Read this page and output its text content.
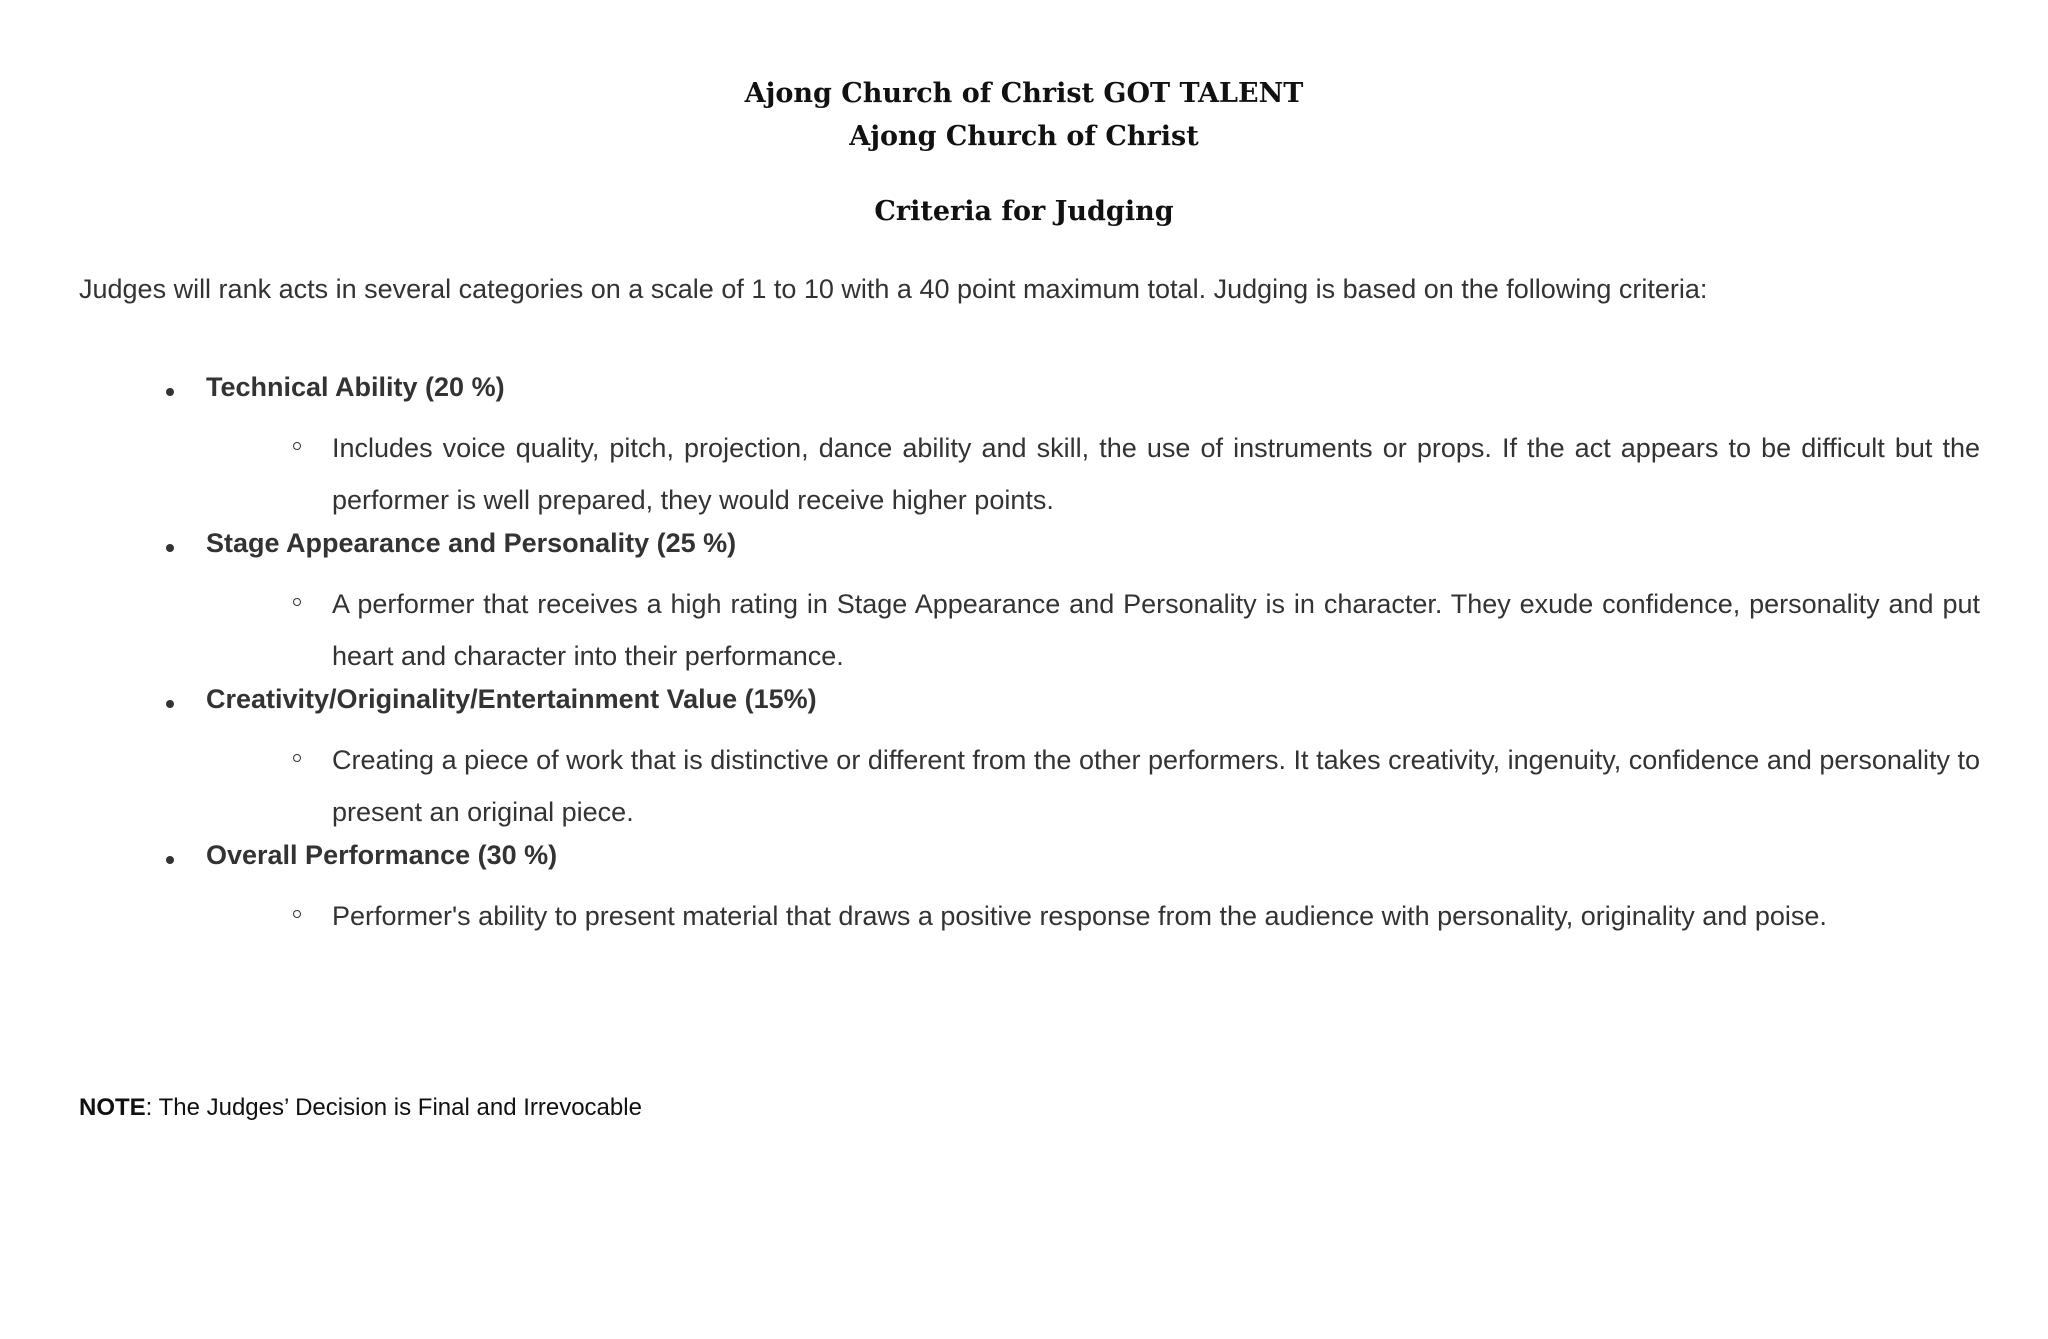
Ajong Church of Christ GOT TALENT
Ajong Church of Christ
Criteria for Judging
Judges will rank acts in several categories on a scale of 1 to 10 with a 40 point maximum total. Judging is based on the following criteria:
Technical Ability (20 %)
Includes voice quality, pitch, projection, dance ability and skill, the use of instruments or props. If the act appears to be difficult but the performer is well prepared, they would receive higher points.
Stage Appearance and Personality (25 %)
A performer that receives a high rating in Stage Appearance and Personality is in character. They exude confidence, personality and put heart and character into their performance.
Creativity/Originality/Entertainment Value (15%)
Creating a piece of work that is distinctive or different from the other performers. It takes creativity, ingenuity, confidence and personality to present an original piece.
Overall Performance (30 %)
Performer's ability to present material that draws a positive response from the audience with personality, originality and poise.
NOTE: The Judges’ Decision is Final and Irrevocable
